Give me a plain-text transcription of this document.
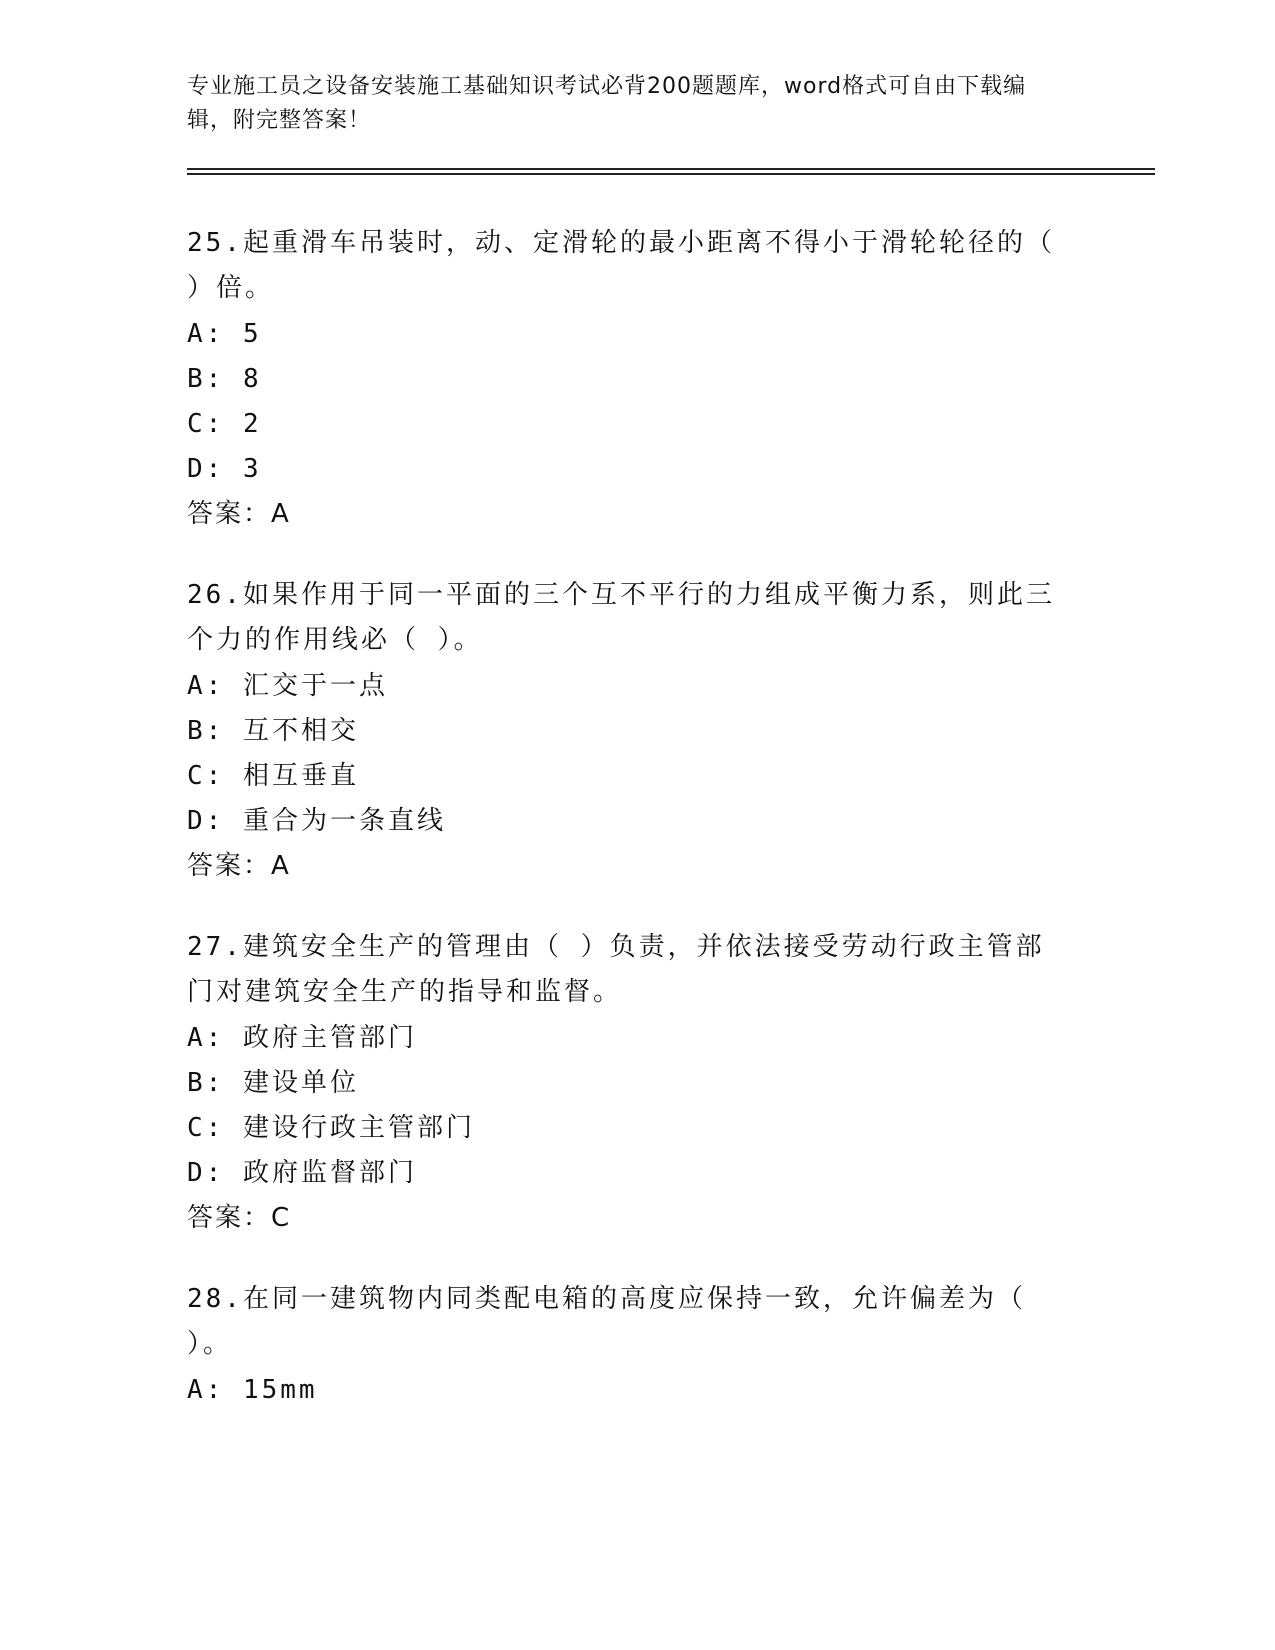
专业施工员之设备安装施工基础知识考试必背200题题库，word格式可自由下载编辑，附完整答案！

25.起重滑车吊装时，动、定滑轮的最小距离不得小于滑轮轮径的（ ）倍。

A: 5

B: 8

C: 2

D: 3

答案：A

26.如果作用于同一平面的三个互不平行的力组成平衡力系，则此三个力的作用线必（ ）。

A: 汇交于一点

B: 互不相交

C: 相互垂直

D: 重合为一条直线

答案：A

27.建筑安全生产的管理由（ ）负责，并依法接受劳动行政主管部门对建筑安全生产的指导和监督。

A: 政府主管部门

B: 建设单位

C: 建设行政主管部门

D: 政府监督部门

答案：C

28.在同一建筑物内同类配电箱的高度应保持一致，允许偏差为（ ）。

A: 15mm
